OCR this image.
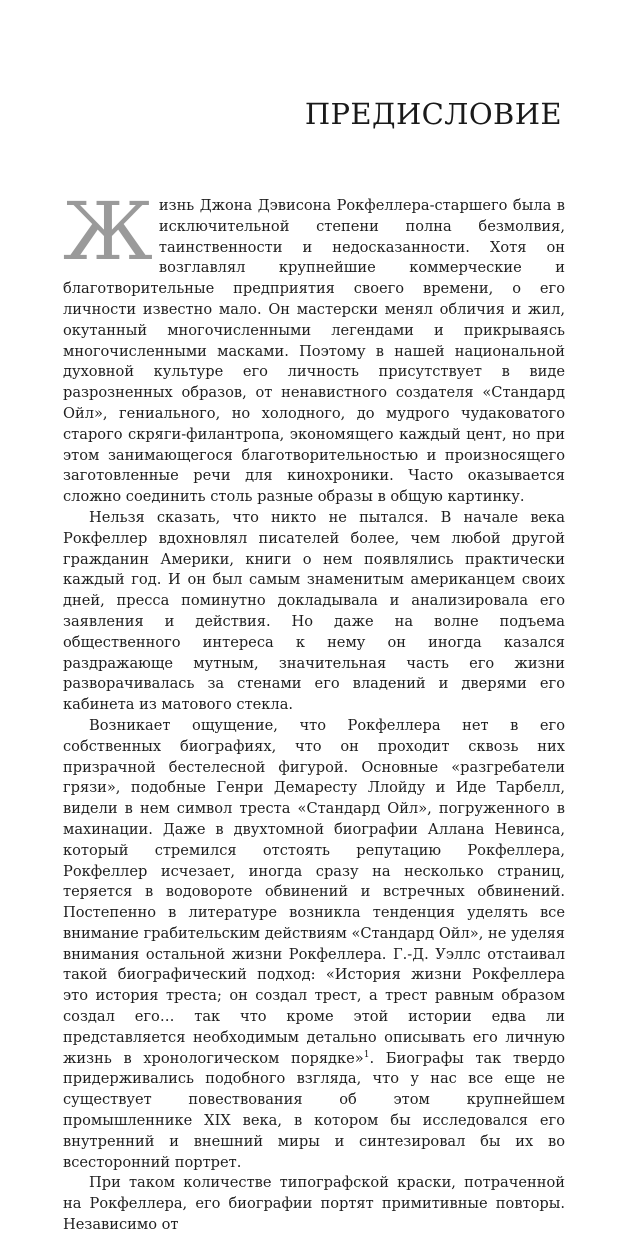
ПРЕДИСЛОВИЕ

Жизнь Джона Дэвисона Рокфеллера-старшего была в исключительной степени полна безмолвия, таинственности и недосказанности. Хотя он возглавлял крупнейшие коммерческие и благотворительные предприятия своего времени, о его личности известно мало. Он мастерски менял обличия и жил, окутанный многочисленными легендами и прикрываясь многочисленными масками. Поэтому в нашей национальной духовной культуре его личность присутствует в виде разрозненных образов, от ненавистного создателя «Стандард Ойл», гениального, но холодного, до мудрого чудаковатого старого скряги-филантропа, экономящего каждый цент, но при этом занимающегося благотворительностью и произносящего заготовленные речи для кинохроники. Часто оказывается сложно соединить столь разные образы в общую картинку.

Нельзя сказать, что никто не пытался. В начале века Рокфеллер вдохновлял писателей более, чем любой другой гражданин Америки, книги о нем появлялись практически каждый год. И он был самым знаменитым американцем своих дней, пресса поминутно докладывала и анализировала его заявления и действия. Но даже на волне подъема общественного интереса к нему он иногда казался раздражающе мутным, значительная часть его жизни разворачивалась за стенами его владений и дверями его кабинета из матового стекла.

Возникает ощущение, что Рокфеллера нет в его собственных биографиях, что он проходит сквозь них призрачной бестелесной фигурой. Основные «разгребатели грязи», подобные Генри Демаресту Ллойду и Иде Тарбелл, видели в нем символ треста «Стандард Ойл», погруженного в махинации. Даже в двухтомной биографии Аллана Невинса, который стремился отстоять репутацию Рокфеллера, Рокфеллер исчезает, иногда сразу на несколько страниц, теряется в водовороте обвинений и встречных обвинений. Постепенно в литературе возникла тенденция уделять все внимание грабительским действиям «Стандард Ойл», не уделяя внимания остальной жизни Рокфеллера. Г.-Д. Уэллс отстаивал такой биографический подход: «История жизни Рокфеллера это история треста; он создал трест, а трест равным образом создал его… так что кроме этой истории едва ли представляется необходимым детально описывать его личную жизнь в хронологическом порядке»$^1$. Биографы так твердо придерживались подобного взгляда, что у нас все еще не существует повествования об этом крупнейшем промышленнике XIX века, в котором бы исследовался его внутренний и внешний миры и синтезировал бы их во всесторонний портрет.

При таком количестве типографской краски, потраченной на Рокфеллера, его биографии портят примитивные повторы. Независимо от
